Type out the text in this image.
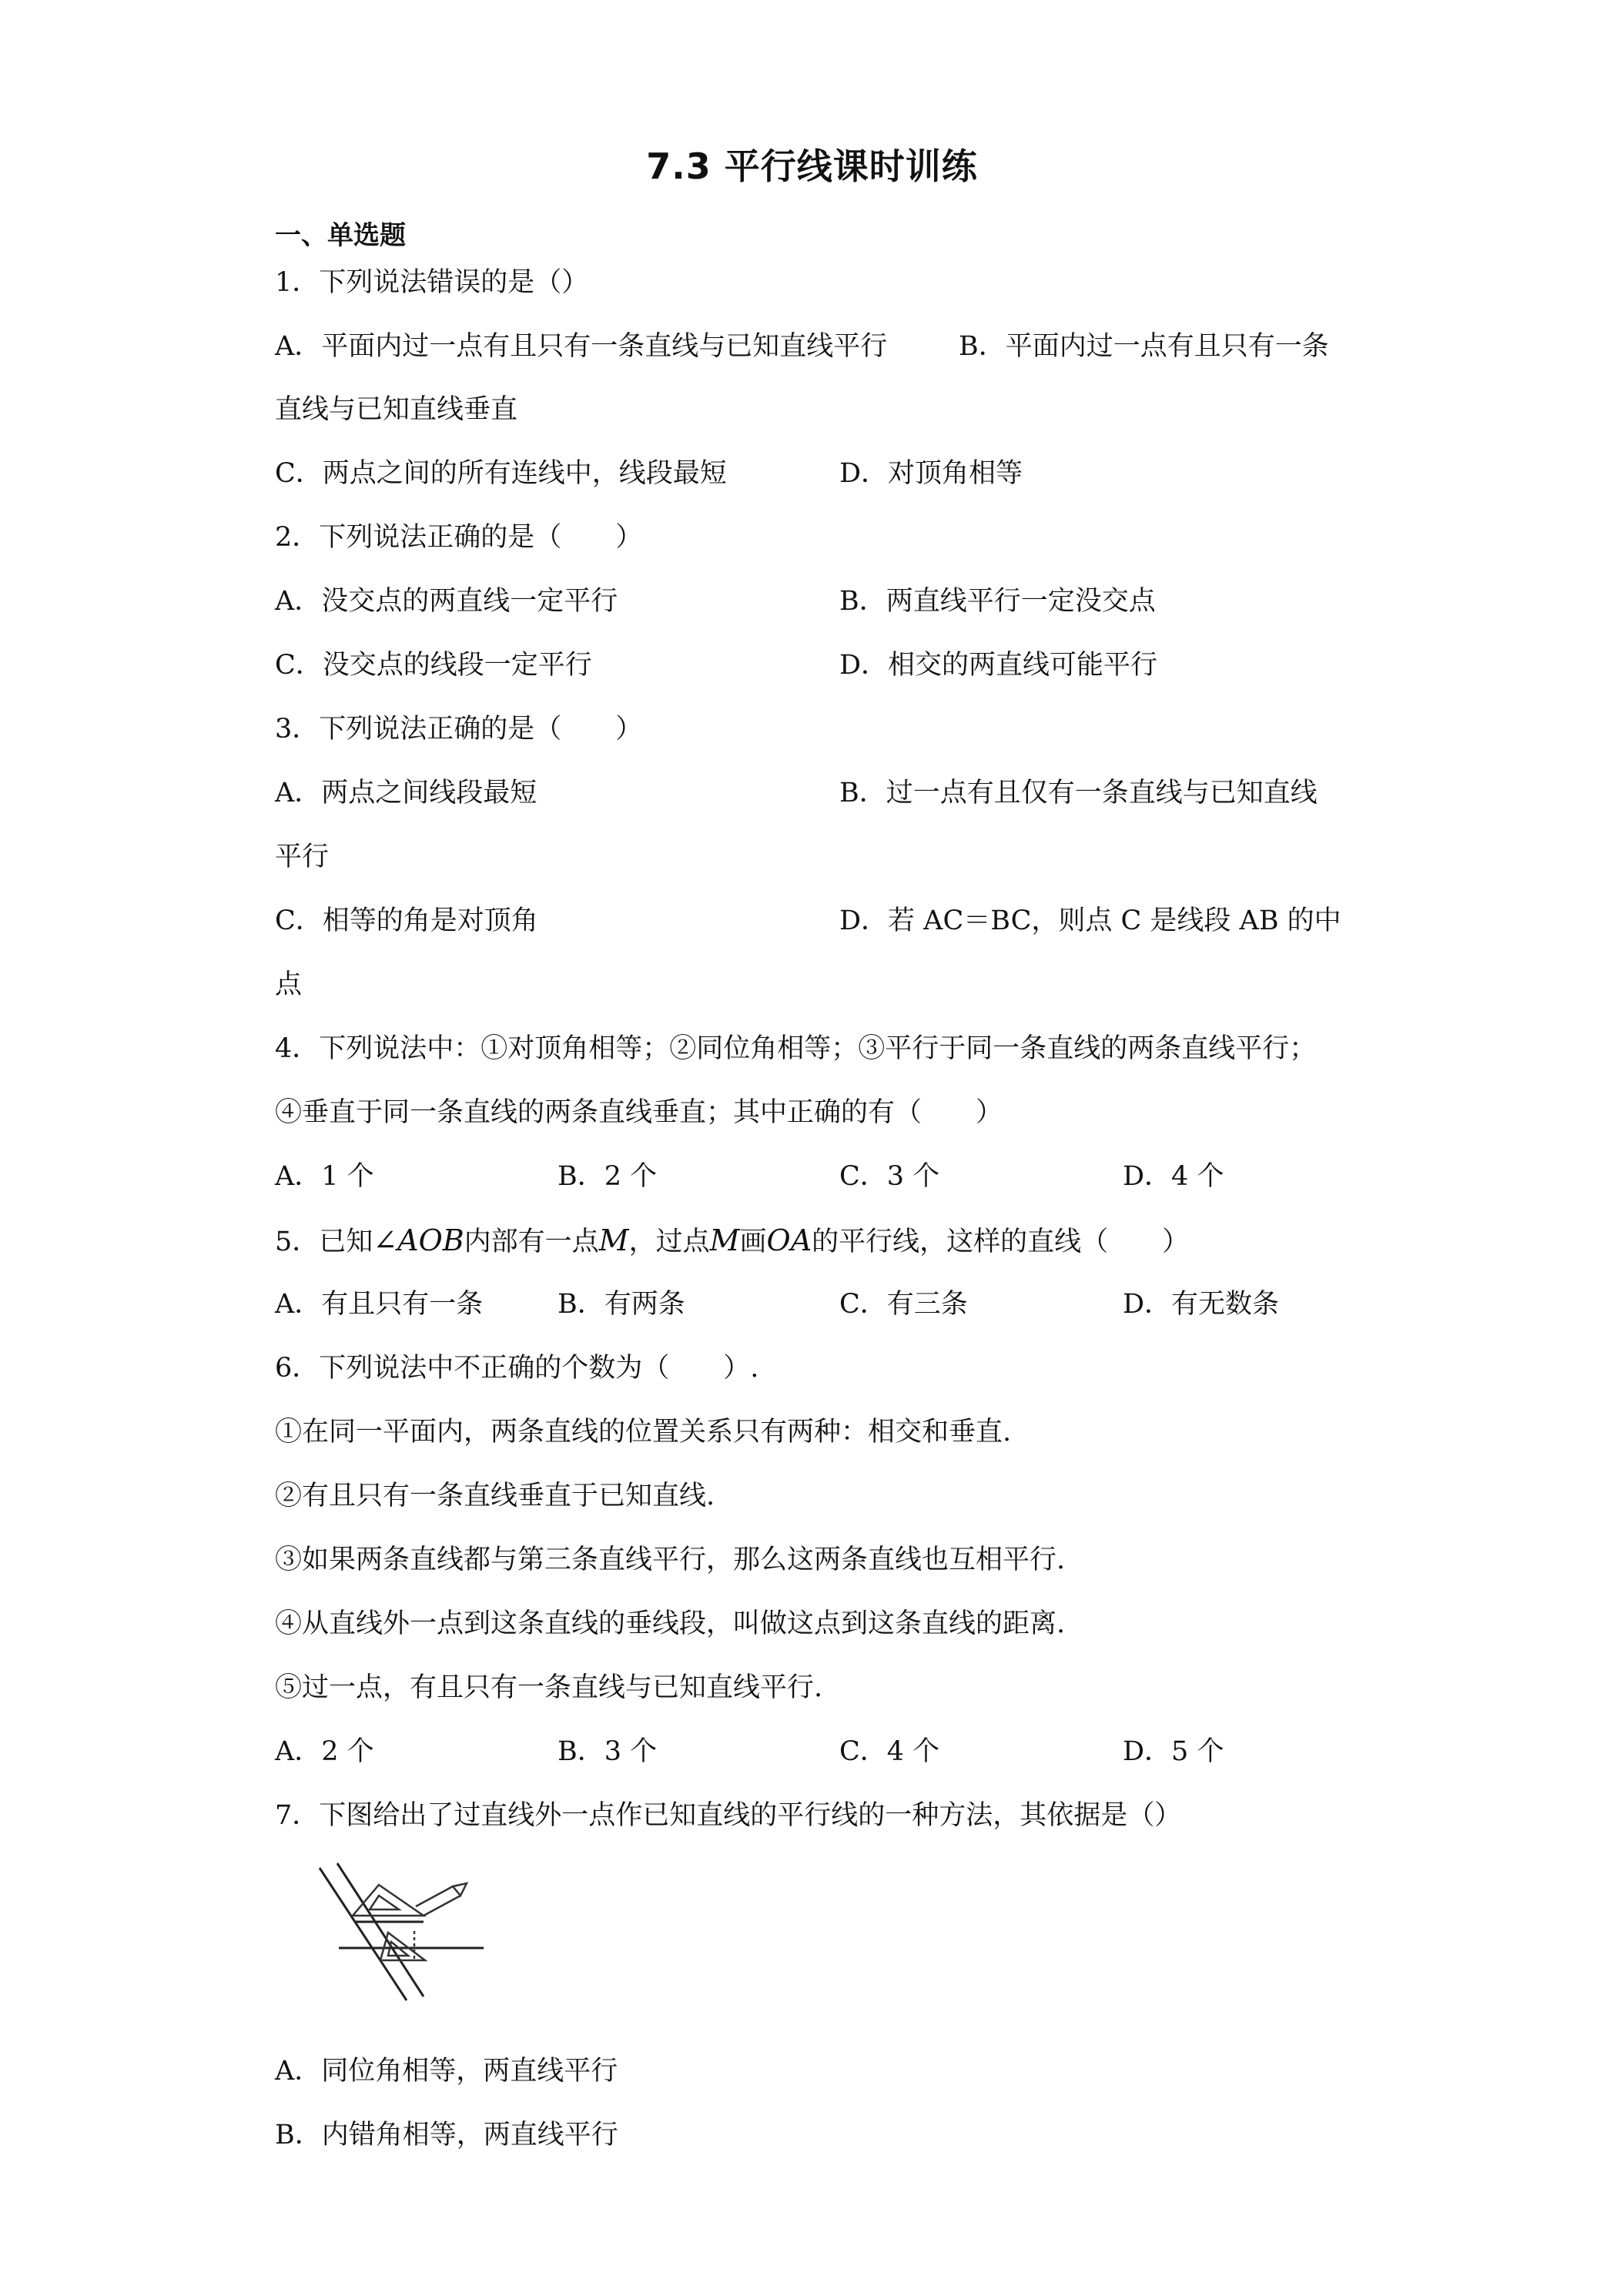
7.3 平行线课时训练
一、单选题
1．下列说法错误的是（）
A．平面内过一点有且只有一条直线与已知直线平行	B．平面内过一点有且只有一条
直线与已知直线垂直
C．两点之间的所有连线中，线段最短	D．对顶角相等
2．下列说法正确的是（　　）
A．没交点的两直线一定平行	B．两直线平行一定没交点
C．没交点的线段一定平行	D．相交的两直线可能平行
3．下列说法正确的是（　　）
A．两点之间线段最短	B．过一点有且仅有一条直线与已知直线
平行
C．相等的角是对顶角	D．若 AC＝BC，则点 C 是线段 AB 的中
点
4．下列说法中：①对顶角相等；②同位角相等；③平行于同一条直线的两条直线平行；
④垂直于同一条直线的两条直线垂直；其中正确的有（　　）
A．1 个	B．2 个	C．3 个	D．4 个
5．已知∠AOB内部有一点M，过点M画OA的平行线，这样的直线（　　）
A．有且只有一条	B．有两条	C．有三条	D．有无数条
6．下列说法中不正确的个数为（　　）.
①在同一平面内，两条直线的位置关系只有两种：相交和垂直.
②有且只有一条直线垂直于已知直线.
③如果两条直线都与第三条直线平行，那么这两条直线也互相平行.
④从直线外一点到这条直线的垂线段，叫做这点到这条直线的距离.
⑤过一点，有且只有一条直线与已知直线平行.
A．2 个	B．3 个	C．4 个	D．5 个
7．下图给出了过直线外一点作已知直线的平行线的一种方法，其依据是（）
A．同位角相等，两直线平行
B．内错角相等，两直线平行
